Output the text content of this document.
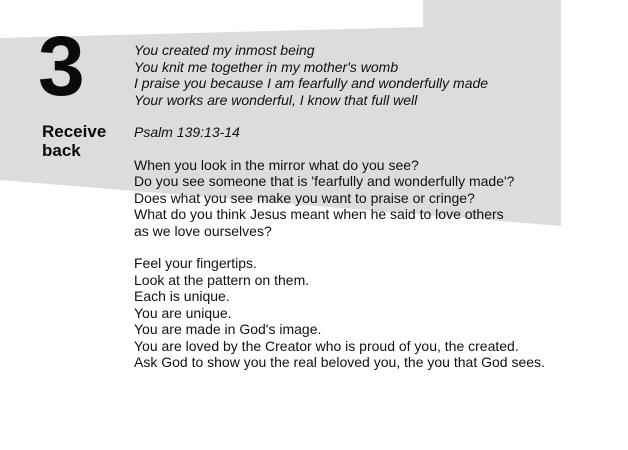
3
Receive
back
You created my inmost being
You knit me together in my mother's womb
I praise you because I am fearfully and wonderfully made
Your works are wonderful, I know that full well
Psalm 139:13-14
When you look in the mirror what do you see?
Do you see someone that is 'fearfully and wonderfully made'?
Does what you see make you want to praise or cringe?
What do you think Jesus meant when he said to love others
as we love ourselves?
Feel your fingertips.
Look at the pattern on them.
Each is unique.
You are unique.
You are made in God's image.
You are loved by the Creator who is proud of you, the created.
Ask God to show you the real beloved you, the you that God sees.
